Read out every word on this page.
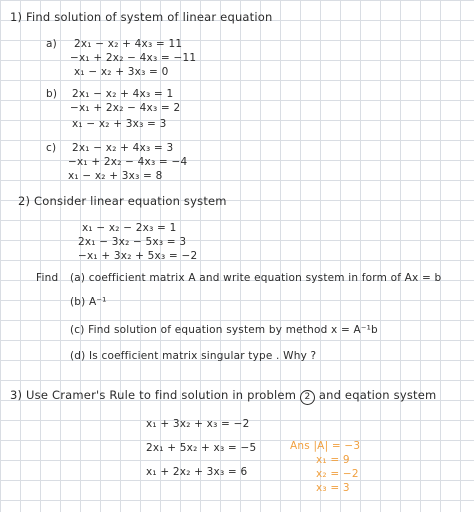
1) Find solution of system of linear equation
a) 2x₁ − x₂ + 4x₃ = 11
−x₁ + 2x₂ − 4x₃ = −11
x₁ − x₂ + 3x₃ = 0
b) 2x₁ − x₂ + 4x₃ = 1
−x₁ + 2x₂ − 4x₃ = 2
x₁ − x₂ + 3x₃ = 3
c) 2x₁ − x₂ + 4x₃ = 3
−x₁ + 2x₂ − 4x₃ = −4
x₁ − x₂ + 3x₃ = 8
2) Consider linear equation system
x₁ − x₂ − 2x₃ = 1
2x₁ − 3x₂ − 5x₃ = 3
−x₁ + 3x₂ + 5x₃ = −2
Find (a) coefficient matrix A and write equation system in form of Ax = b
(b) A⁻¹
(c) Find solution of equation system by method x = A⁻¹b
(d) Is coefficient matrix singular type . Why ?
3) Use Cramer's Rule to find solution in problem 2 and eqation system
x₁ + 3x₂ + x₃ = −2
2x₁ + 5x₂ + x₃ = −5
x₁ + 2x₂ + 3x₃ = 6
Ans |A| = −3
x₁ = 9
x₂ = −2
x₃ = 3
